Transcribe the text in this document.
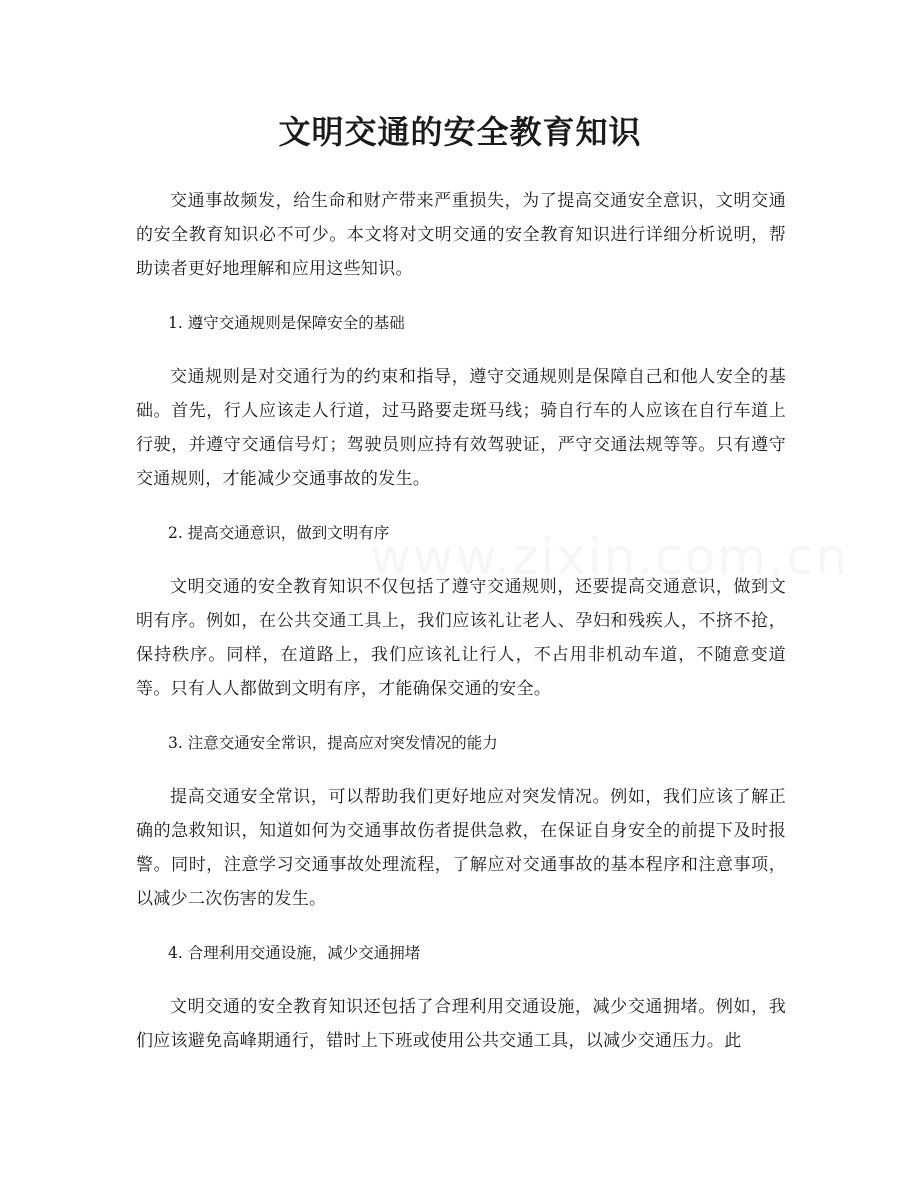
文明交通的安全教育知识

交通事故频发，给生命和财产带来严重损失，为了提高交通安全意识，文明交通的安全教育知识必不可少。本文将对文明交通的安全教育知识进行详细分析说明，帮助读者更好地理解和应用这些知识。

1. 遵守交通规则是保障安全的基础

交通规则是对交通行为的约束和指导，遵守交通规则是保障自己和他人安全的基础。首先，行人应该走人行道，过马路要走斑马线；骑自行车的人应该在自行车道上行驶，并遵守交通信号灯；驾驶员则应持有效驾驶证，严守交通法规等等。只有遵守交通规则，才能减少交通事故的发生。

2. 提高交通意识，做到文明有序

文明交通的安全教育知识不仅包括了遵守交通规则，还要提高交通意识，做到文明有序。例如，在公共交通工具上，我们应该礼让老人、孕妇和残疾人，不挤不抢，保持秩序。同样，在道路上，我们应该礼让行人，不占用非机动车道，不随意变道等。只有人人都做到文明有序，才能确保交通的安全。

3. 注意交通安全常识，提高应对突发情况的能力

提高交通安全常识，可以帮助我们更好地应对突发情况。例如，我们应该了解正确的急救知识，知道如何为交通事故伤者提供急救，在保证自身安全的前提下及时报警。同时，注意学习交通事故处理流程，了解应对交通事故的基本程序和注意事项，以减少二次伤害的发生。

4. 合理利用交通设施，减少交通拥堵

文明交通的安全教育知识还包括了合理利用交通设施，减少交通拥堵。例如，我们应该避免高峰期通行，错时上下班或使用公共交通工具，以减少交通压力。此
